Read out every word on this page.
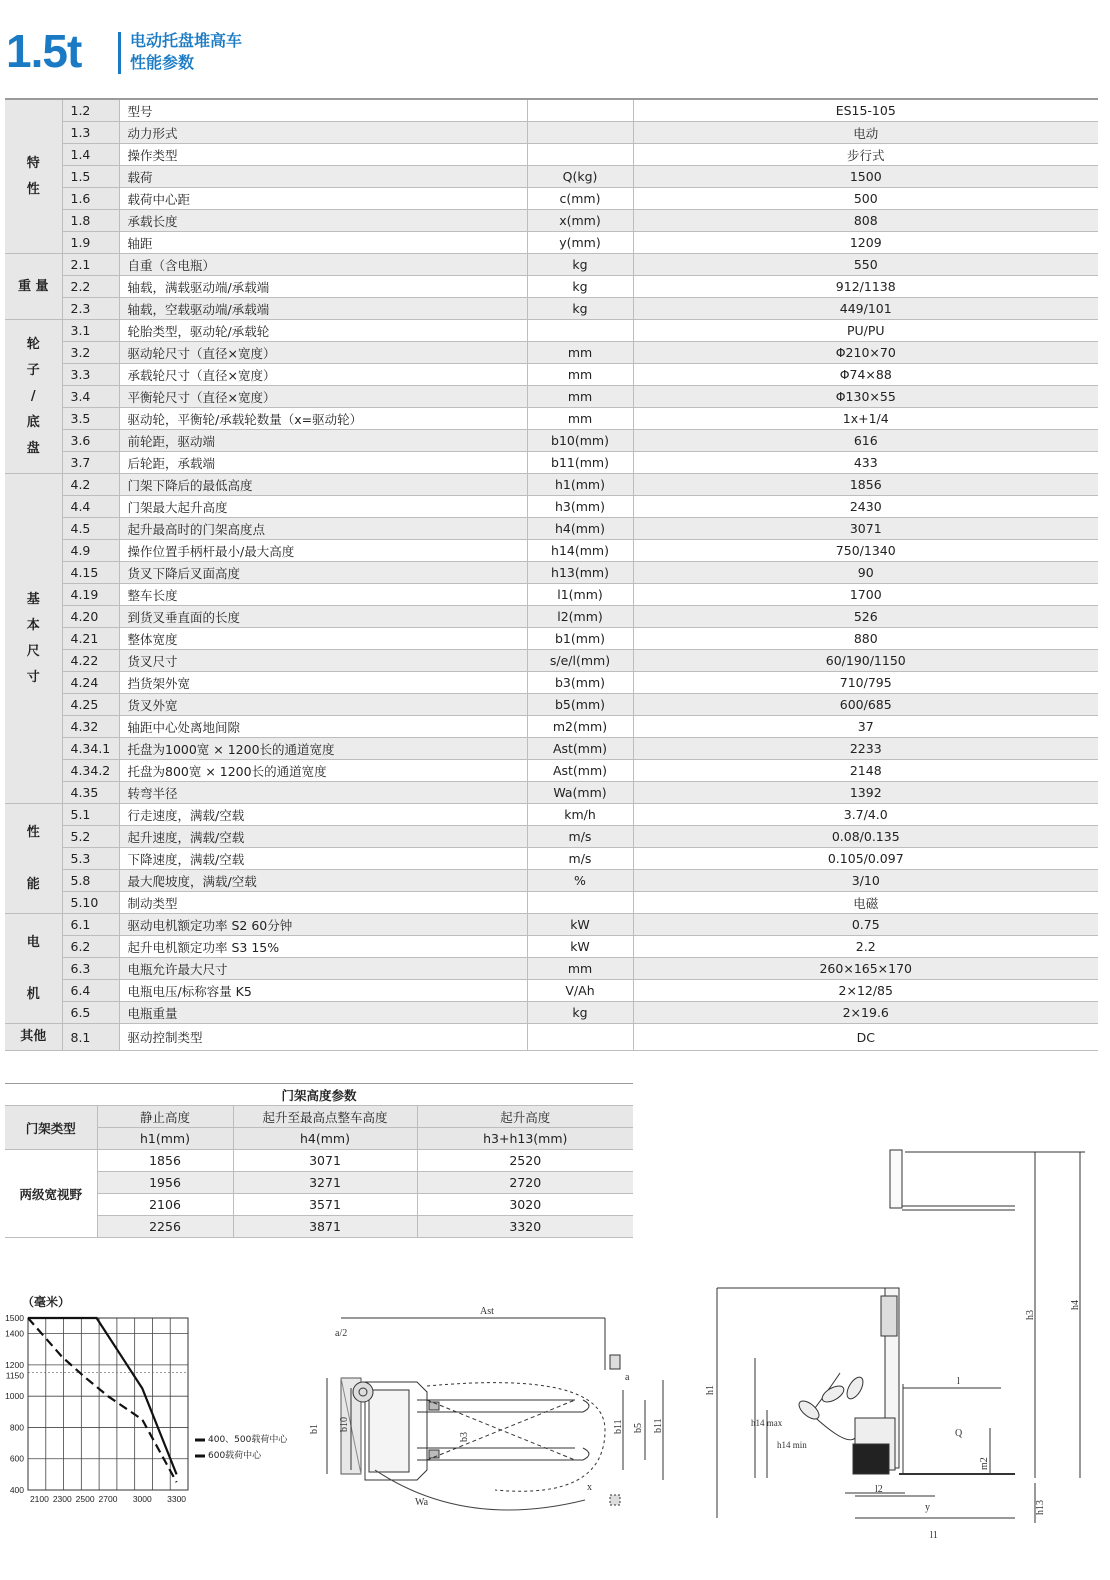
1.5t	电动托盘堆高车
性能参数
特
性	1.2	型号		ES15-105
	1.3	动力形式		电动
	1.4	操作类型		步行式
	1.5	载荷	Q(kg)	1500
	1.6	载荷中心距	c(mm)	500
	1.8	承载长度	x(mm)	808
	1.9	轴距	y(mm)	1209
重 量	2.1	自重（含电瓶）	kg	550
	2.2	轴载，满载驱动端/承载端	kg	912/1138
	2.3	轴载，空载驱动端/承载端	kg	449/101
轮
子
/
底
盘	3.1	轮胎类型，驱动轮/承载轮		PU/PU
	3.2	驱动轮尺寸（直径×宽度）	mm	Φ210×70
	3.3	承载轮尺寸（直径×宽度）	mm	Φ74×88
	3.4	平衡轮尺寸（直径×宽度）	mm	Φ130×55
	3.5	驱动轮，平衡轮/承载轮数量（x=驱动轮）	mm	1x+1/4
	3.6	前轮距，驱动端	b10(mm)	616
	3.7	后轮距，承载端	b11(mm)	433
基
本
尺
寸	4.2	门架下降后的最低高度	h1(mm)	1856
	4.4	门架最大起升高度	h3(mm)	2430
	4.5	起升最高时的门架高度点	h4(mm)	3071
	4.9	操作位置手柄杆最小/最大高度	h14(mm)	750/1340
	4.15	货叉下降后叉面高度	h13(mm)	90
	4.19	整车长度	l1(mm)	1700
	4.20	到货叉垂直面的长度	l2(mm)	526
	4.21	整体宽度	b1(mm)	880
	4.22	货叉尺寸	s/e/l(mm)	60/190/1150
	4.24	挡货架外宽	b3(mm)	710/795
	4.25	货叉外宽	b5(mm)	600/685
	4.32	轴距中心处离地间隙	m2(mm)	37
	4.34.1	托盘为1000宽 × 1200长的通道宽度	Ast(mm)	2233
	4.34.2	托盘为800宽 × 1200长的通道宽度	Ast(mm)	2148
	4.35	转弯半径	Wa(mm)	1392
性

能	5.1	行走速度，满载/空载	km/h	3.7/4.0
	5.2	起升速度，满载/空载	m/s	0.08/0.135
	5.3	下降速度，满载/空载	m/s	0.105/0.097
	5.8	最大爬坡度，满载/空载	%	3/10
	5.10	制动类型		电磁
电

机	6.1	驱动电机额定功率 S2 60分钟	kW	0.75
	6.2	起升电机额定功率 S3 15%	kW	2.2
	6.3	电瓶允许最大尺寸	mm	260×165×170
	6.4	电瓶电压/标称容量 K5	V/Ah	2×12/85
	6.5	电瓶重量	kg	2×19.6
其他	8.1	驱动控制类型		DC
门架高度参数			
门架类型	静止高度	起升至最高点整车高度	起升高度
	h1(mm)	h4(mm)	h3+h13(mm)
两级宽视野	1856	3071	2520
	1956	3271	2720
	2106	3571	3020
	2256	3871	3320
（毫米）
1500
1400
1200
1150
1000
800
600
400
2100 2300 2500 2700 3000 3300
b1 b10
b3
b11 b5 b11
Wa
Ast
a/2
a
x
h1
h3
h4
h14 max
h14 min
h13
m2
l2
y
l1
l
Q
400、500载荷中心
600载荷中心
